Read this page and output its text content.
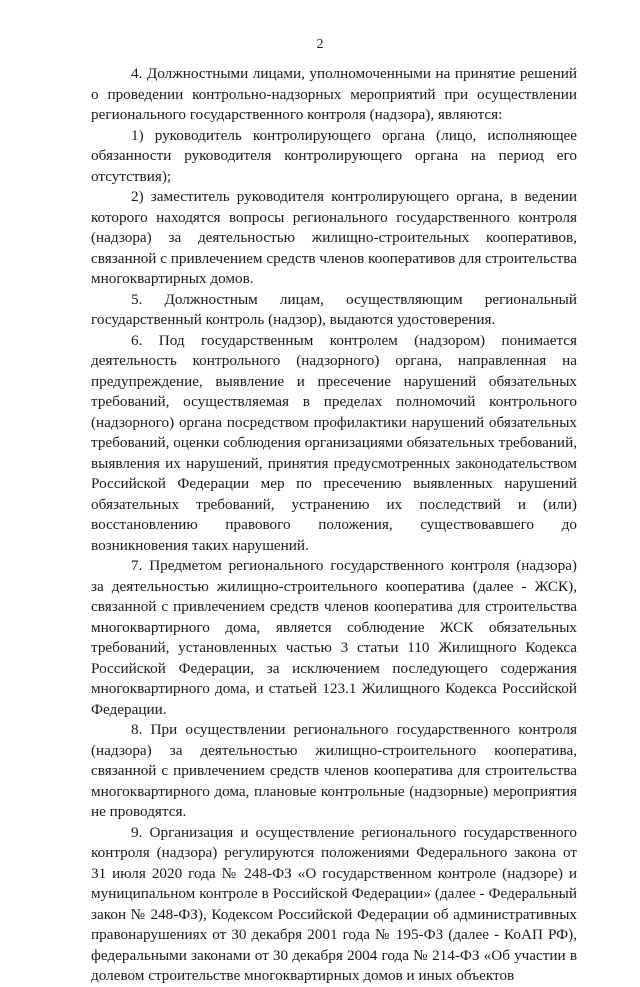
2

4. Должностными лицами, уполномоченными на принятие решений о проведении контрольно-надзорных мероприятий при осуществлении регионального государственного контроля (надзора), являются:

1) руководитель контролирующего органа (лицо, исполняющее обязанности руководителя контролирующего органа на период его отсутствия);

2) заместитель руководителя контролирующего органа, в ведении которого находятся вопросы регионального государственного контроля (надзора) за деятельностью жилищно-строительных кооперативов, связанной с привлечением средств членов кооперативов для строительства многоквартирных домов.

5. Должностным лицам, осуществляющим региональный государственный контроль (надзор), выдаются удостоверения.

6. Под государственным контролем (надзором) понимается деятельность контрольного (надзорного) органа, направленная на предупреждение, выявление и пресечение нарушений обязательных требований, осуществляемая в пределах полномочий контрольного (надзорного) органа посредством профилактики нарушений обязательных требований, оценки соблюдения организациями обязательных требований, выявления их нарушений, принятия предусмотренных законодательством Российской Федерации мер по пресечению выявленных нарушений обязательных требований, устранению их последствий и (или) восстановлению правового положения, существовавшего до возникновения таких нарушений.

7. Предметом регионального государственного контроля (надзора) за деятельностью жилищно-строительного кооператива (далее - ЖСК), связанной с привлечением средств членов кооператива для строительства многоквартирного дома, является соблюдение ЖСК обязательных требований, установленных частью 3 статьи 110 Жилищного Кодекса Российской Федерации, за исключением последующего содержания многоквартирного дома, и статьей 123.1 Жилищного Кодекса Российской Федерации.

8. При осуществлении регионального государственного контроля (надзора) за деятельностью жилищно-строительного кооператива, связанной с привлечением средств членов кооператива для строительства многоквартирного дома, плановые контрольные (надзорные) мероприятия не проводятся.

9. Организация и осуществление регионального государственного контроля (надзора) регулируются положениями Федерального закона от 31 июля 2020 года № 248-ФЗ «О государственном контроле (надзоре) и муниципальном контроле в Российской Федерации» (далее - Федеральный закон № 248-ФЗ), Кодексом Российской Федерации об административных правонарушениях от 30 декабря 2001 года № 195-ФЗ (далее - КоАП РФ), федеральными законами от 30 декабря 2004 года № 214-ФЗ «Об участии в долевом строительстве многоквартирных домов и иных объектов
